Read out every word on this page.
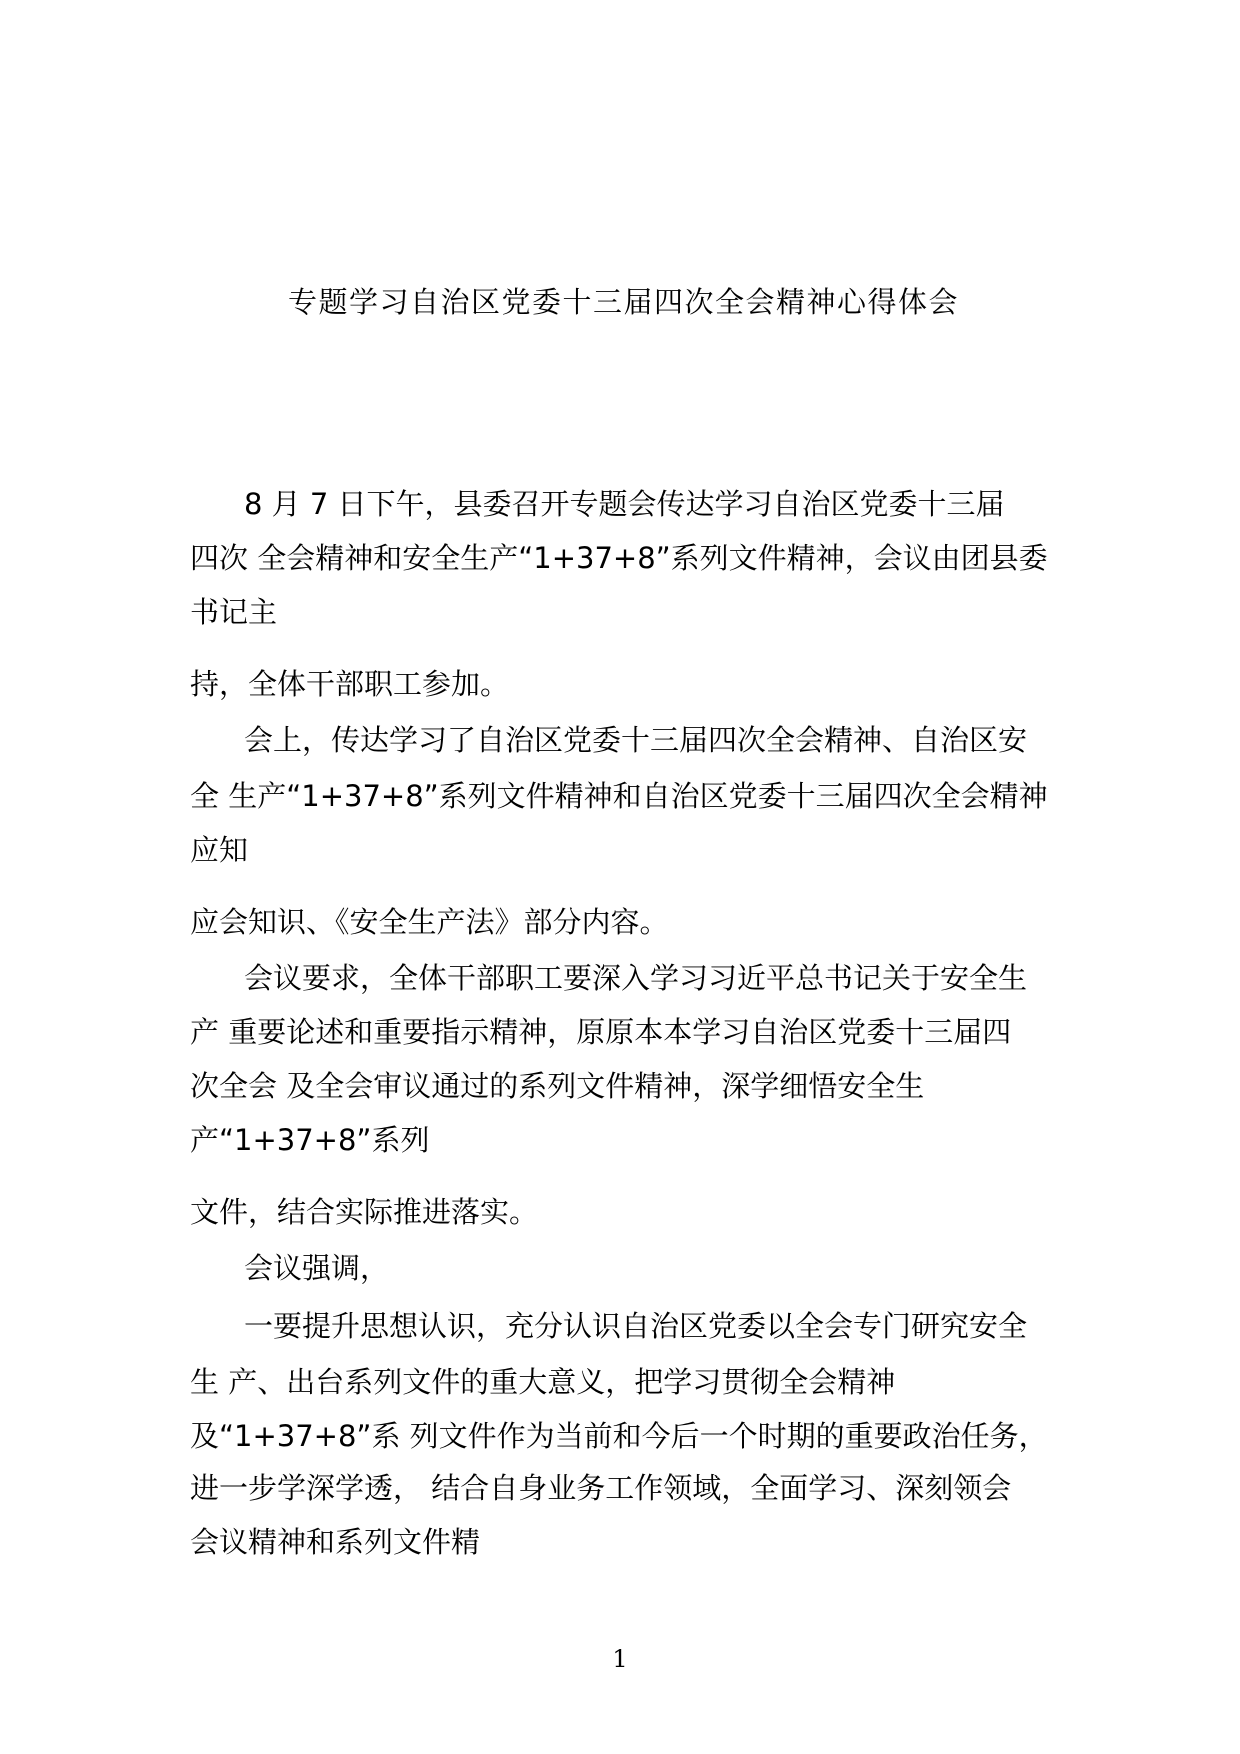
专题学习自治区党委十三届四次全会精神心得体会
8 月 7 日下午，县委召开专题会传达学习自治区党委十三届
四次 全会精神和安全生产“1+37+8”系列文件精神，会议由团县委
书记主
持，全体干部职工参加。
会上，传达学习了自治区党委十三届四次全会精神、自治区安
全 生产“1+37+8”系列文件精神和自治区党委十三届四次全会精神
应知
应会知识、《安全生产法》部分内容。
会议要求，全体干部职工要深入学习习近平总书记关于安全生
产 重要论述和重要指示精神，原原本本学习自治区党委十三届四
次全会 及全会审议通过的系列文件精神，深学细悟安全生
产“1+37+8”系列
文件，结合实际推进落实。
会议强调，
一要提升思想认识，充分认识自治区党委以全会专门研究安全
生 产、出台系列文件的重大意义，把学习贯彻全会精神
及“1+37+8”系 列文件作为当前和今后一个时期的重要政治任务，
进一步学深学透， 结合自身业务工作领域，全面学习、深刻领会
会议精神和系列文件精
1
